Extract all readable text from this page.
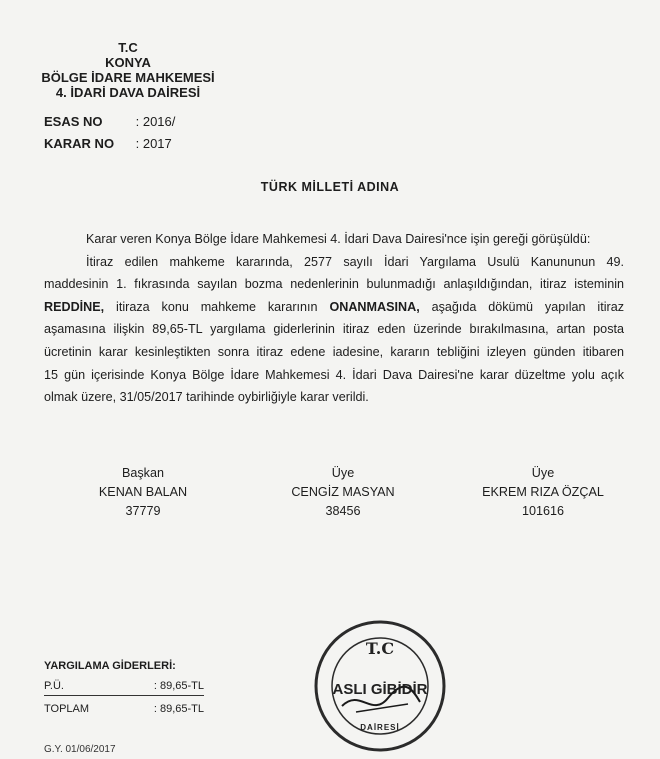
T.C
KONYA
BÖLGE İDARE MAHKEMESİ
4. İDARİ DAVA DAİRESİ
ESAS NO	: 2016/
KARAR NO : 2017
TÜRK MİLLETİ ADINA

Karar veren Konya Bölge İdare Mahkemesi 4. İdari Dava Dairesi'nce işin gereği görüşüldü:

İtiraz edilen mahkeme kararında, 2577 sayılı İdari Yargılama Usulü Kanununun 49.

maddesinin 1. fıkrasında sayılan bozma nedenlerinin bulunmadığı anlaşıldığından, itiraz isteminin

REDDİNE, itiraza konu mahkeme kararının ONANMASINA, aşağıda dökümü yapılan itiraz

aşamasına ilişkin 89,65-TL yargılama giderlerinin itiraz eden üzerinde bırakılmasına, artan posta

ücretinin karar kesinleştikten sonra itiraz edene iadesine, kararın tebliğini izleyen günden itibaren

15 gün içerisinde Konya Bölge İdare Mahkemesi 4. İdari Dava Dairesi'ne karar düzeltme yolu açık

olmak üzere, 31/05/2017 tarihinde oybirliğiyle karar verildi.

Başkan
KENAN BALAN
37779
Üye
CENGİZ MASYAN
38456
Üye
EKREM RIZA ÖZÇAL
101616
YARGILAMA GİDERLERİ:
P.Ü.	: 89,65-TL
TOPLAM	: 89,65-TL
T.C
ASLI GİBİDİR
DAİRESİ
G.Y. 01/06/2017
